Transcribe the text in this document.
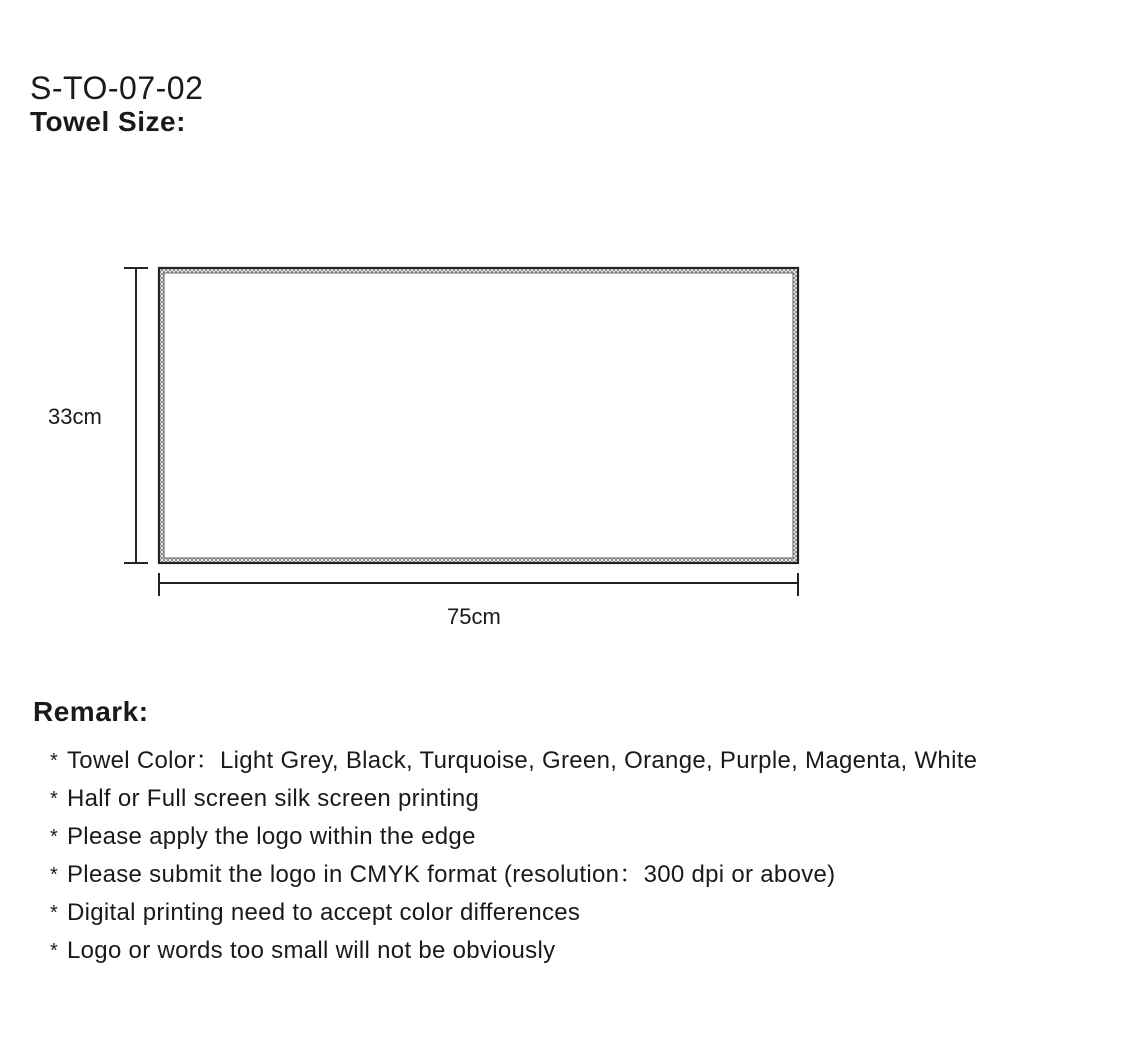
S-TO-07-02
Towel Size:
33cm
75cm
Remark:
* Towel Color：Light Grey, Black, Turquoise, Green, Orange, Purple, Magenta, White
* Half or Full screen silk screen printing
* Please apply the logo within the edge
* Please submit the logo in CMYK format (resolution：300 dpi or above)
* Digital printing need to accept color differences
* Logo or words too small will not be obviously
